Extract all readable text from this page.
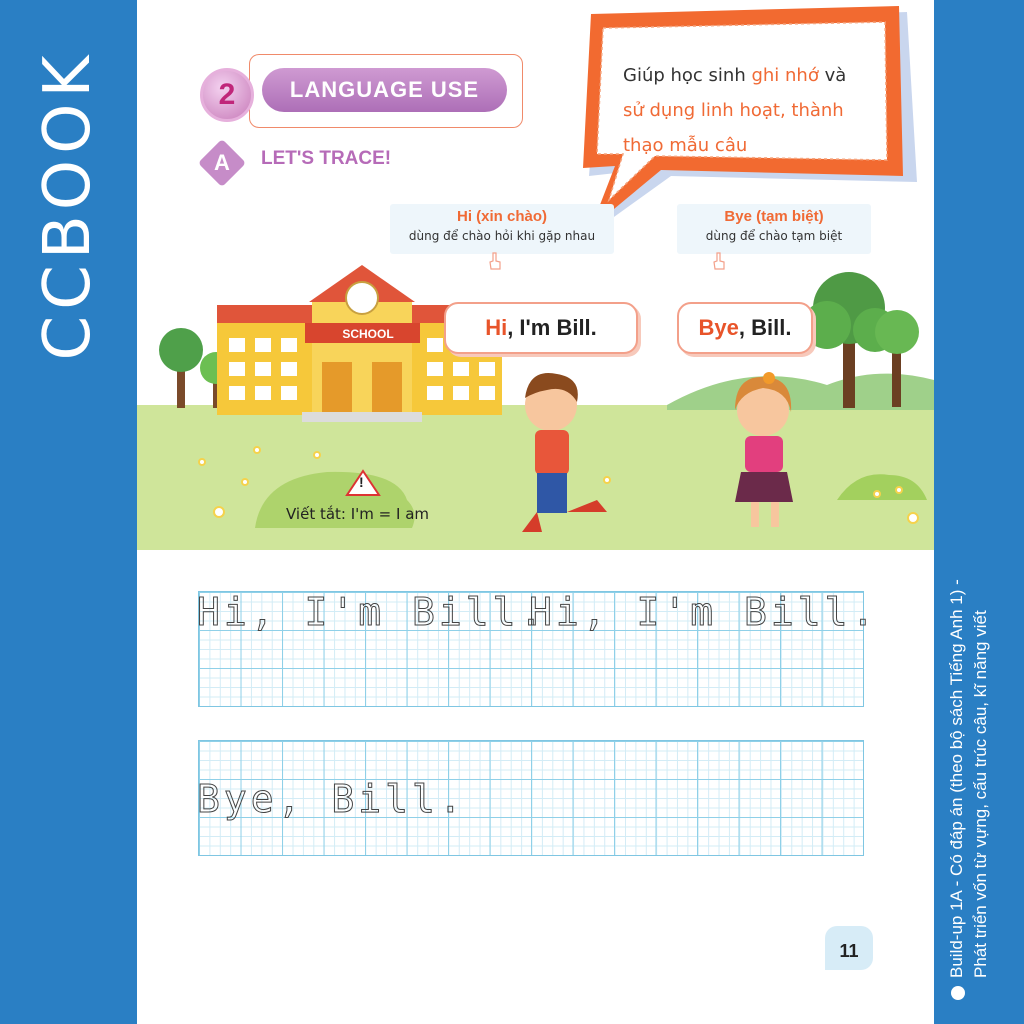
CCBOOK
Build-up 1A - Có đáp án (theo bộ sách Tiếng Anh 1) - Phát triển vốn từ vựng, cấu trúc câu, kĩ năng viết
2	LANGUAGE USE
A	LET'S TRACE!
Giúp học sinh ghi nhớ và sử dụng linh hoạt, thành thạo mẫu câu
!
SCHOOL
Hi (xin chào)
dùng để chào hỏi khi gặp nhau
Bye (tạm biệt)
dùng để chào tạm biệt
Hi, I'm Bill.	Bye, Bill.
Viết tắt: I'm = I am
Hi, I'm Bill.
Hi, I'm Bill.
Bye, Bill.
11
